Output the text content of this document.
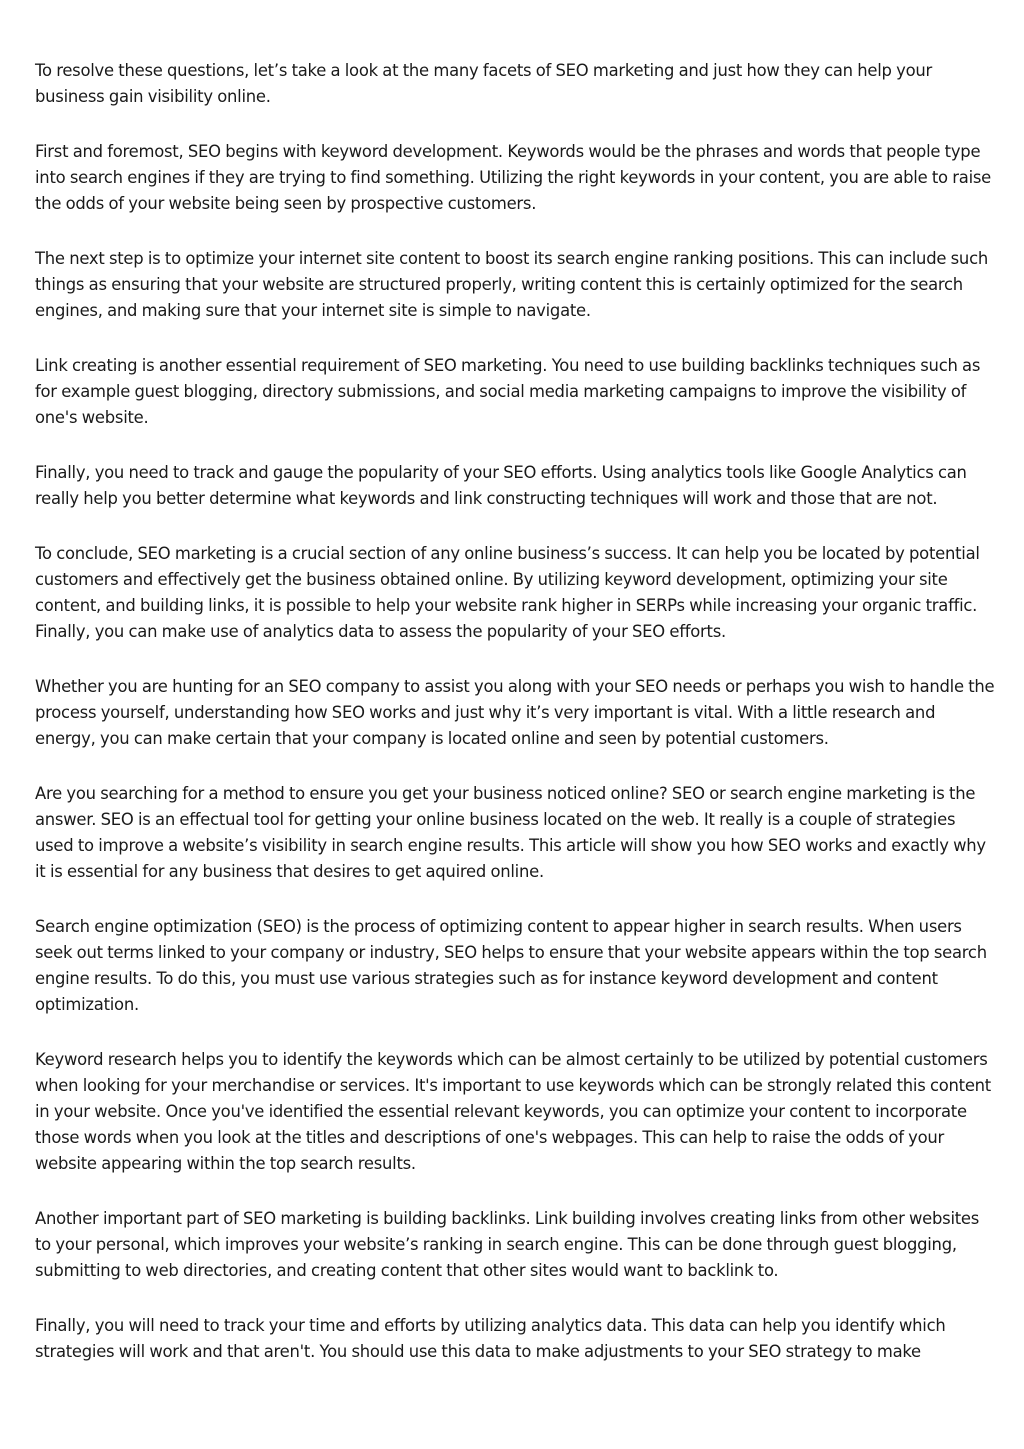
To resolve these questions, let’s take a look at the many facets of SEO marketing and just how they can help your business gain visibility online.

First and foremost, SEO begins with keyword development. Keywords would be the phrases and words that people type into search engines if they are trying to find something. Utilizing the right keywords in your content, you are able to raise the odds of your website being seen by prospective customers.

The next step is to optimize your internet site content to boost its search engine ranking positions. This can include such things as ensuring that your website are structured properly, writing content this is certainly optimized for the search engines, and making sure that your internet site is simple to navigate.

Link creating is another essential requirement of SEO marketing. You need to use building backlinks techniques such as for example guest blogging, directory submissions, and social media marketing campaigns to improve the visibility of one's website.

Finally, you need to track and gauge the popularity of your SEO efforts. Using analytics tools like Google Analytics can really help you better determine what keywords and link constructing techniques will work and those that are not.

To conclude, SEO marketing is a crucial section of any online business’s success. It can help you be located by potential customers and effectively get the business obtained online. By utilizing keyword development, optimizing your site content, and building links, it is possible to help your website rank higher in SERPs while increasing your organic traffic. Finally, you can make use of analytics data to assess the popularity of your SEO efforts.

Whether you are hunting for an SEO company to assist you along with your SEO needs or perhaps you wish to handle the process yourself, understanding how SEO works and just why it’s very important is vital. With a little research and energy, you can make certain that your company is located online and seen by potential customers.

Are you searching for a method to ensure you get your business noticed online? SEO or search engine marketing is the answer. SEO is an effectual tool for getting your online business located on the web. It really is a couple of strategies used to improve a website’s visibility in search engine results. This article will show you how SEO works and exactly why it is essential for any business that desires to get aquired online.

Search engine optimization (SEO) is the process of optimizing content to appear higher in search results. When users seek out terms linked to your company or industry, SEO helps to ensure that your website appears within the top search engine results. To do this, you must use various strategies such as for instance keyword development and content optimization.

Keyword research helps you to identify the keywords which can be almost certainly to be utilized by potential customers when looking for your merchandise or services. It's important to use keywords which can be strongly related this content in your website. Once you've identified the essential relevant keywords, you can optimize your content to incorporate those words when you look at the titles and descriptions of one's webpages. This can help to raise the odds of your website appearing within the top search results.

Another important part of SEO marketing is building backlinks. Link building involves creating links from other websites to your personal, which improves your website’s ranking in search engine. This can be done through guest blogging, submitting to web directories, and creating content that other sites would want to backlink to.

Finally, you will need to track your time and efforts by utilizing analytics data. This data can help you identify which strategies will work and that aren't. You should use this data to make adjustments to your SEO strategy to make
